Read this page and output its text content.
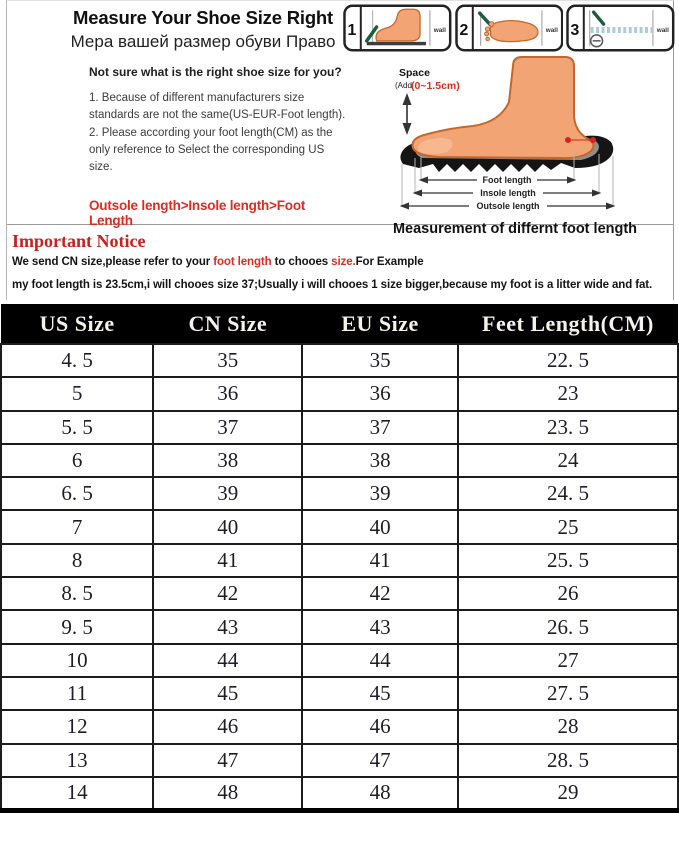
Measure Your Shoe Size Right
Мера вашей размер обуви Право
Not sure what is the right shoe size for you?

1. Because of different manufacturers size standards are not the same(US-EUR-Foot length).

2. Please according your foot length(CM) as the only reference to Select the corresponding US size.

Outsole length>Insole length>Foot Length
1	wall 2	wall 3	wall
Space
(Add (0~1.5cm)
Foot length
Insole length
Outsole length
Measurement of differnt foot length
Important Notice
We send CN size,please refer to your foot length to chooes size.For Example
my foot length is 23.5cm,i will chooes size 37;Usually i will chooes 1 size bigger,because my foot is a litter wide and fat.
US Size	CN Size	EU Size	Feet Length(CM)
4. 5	35	35	22. 5
5	36	36	23
5. 5	37	37	23. 5
6	38	38	24
6. 5	39	39	24. 5
7	40	40	25
8	41	41	25. 5
8. 5	42	42	26
9. 5	43	43	26. 5
10	44	44	27
11	45	45	27. 5
12	46	46	28
13	47	47	28. 5
14	48	48	29
